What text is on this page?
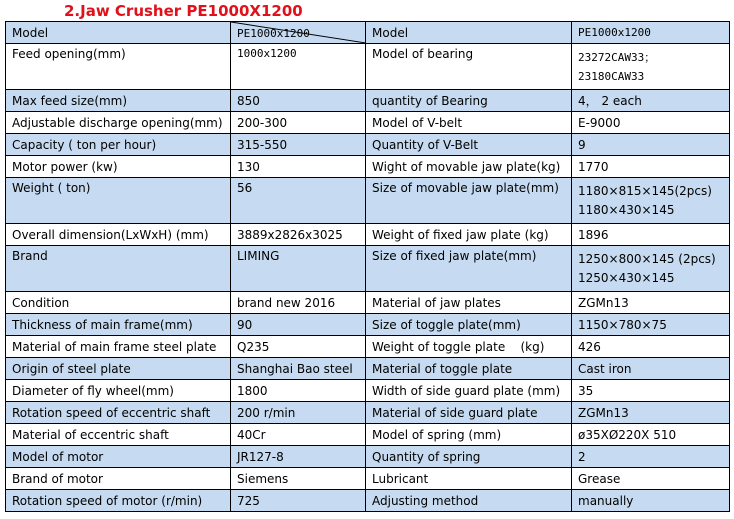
2.Jaw Crusher PE1000X1200
Model	PE1000x1200	Model	PE1000x1200
Feed opening(mm)	1000x1200	Model of bearing	23272CAW33；
23180CAW33

Max feed size(mm)	850	quantity of Bearing	4， 2 each
Adjustable discharge opening(mm)	200-300	Model of V-belt	E-9000
Capacity ( ton per hour)	315-550	Quantity of V-Belt	9
Motor power (kw)	130	Wight of movable jaw plate(kg)	1770
Weight ( ton)	56	Size of movable jaw plate(mm)	1180×815×145(2pcs)
1180×430×145

Overall dimension(LxWxH) (mm)	3889x2826x3025	Weight of fixed jaw plate (kg)	1896
Brand	LIMING	Size of fixed jaw plate(mm)	1250×800×145 (2pcs)
1250×430×145

Condition	brand new 2016	Material of jaw plates	ZGMn13
Thickness of main frame(mm)	90	Size of toggle plate(mm)	1150×780×75
Material of main frame steel plate	Q235	Weight of toggle plate    (kg)	426
Origin of steel plate	Shanghai Bao steel	Material of toggle plate	Cast iron
Diameter of fly wheel(mm)	1800	Width of side guard plate (mm)	35
Rotation speed of eccentric shaft	200 r/min	Material of side guard plate	ZGMn13
Material of eccentric shaft	40Cr	Model of spring (mm)	ø35XØ220X 510
Model of motor	JR127-8	Quantity of spring	2
Brand of motor	Siemens	Lubricant	Grease
Rotation speed of motor (r/min)	725	Adjusting method	manually
